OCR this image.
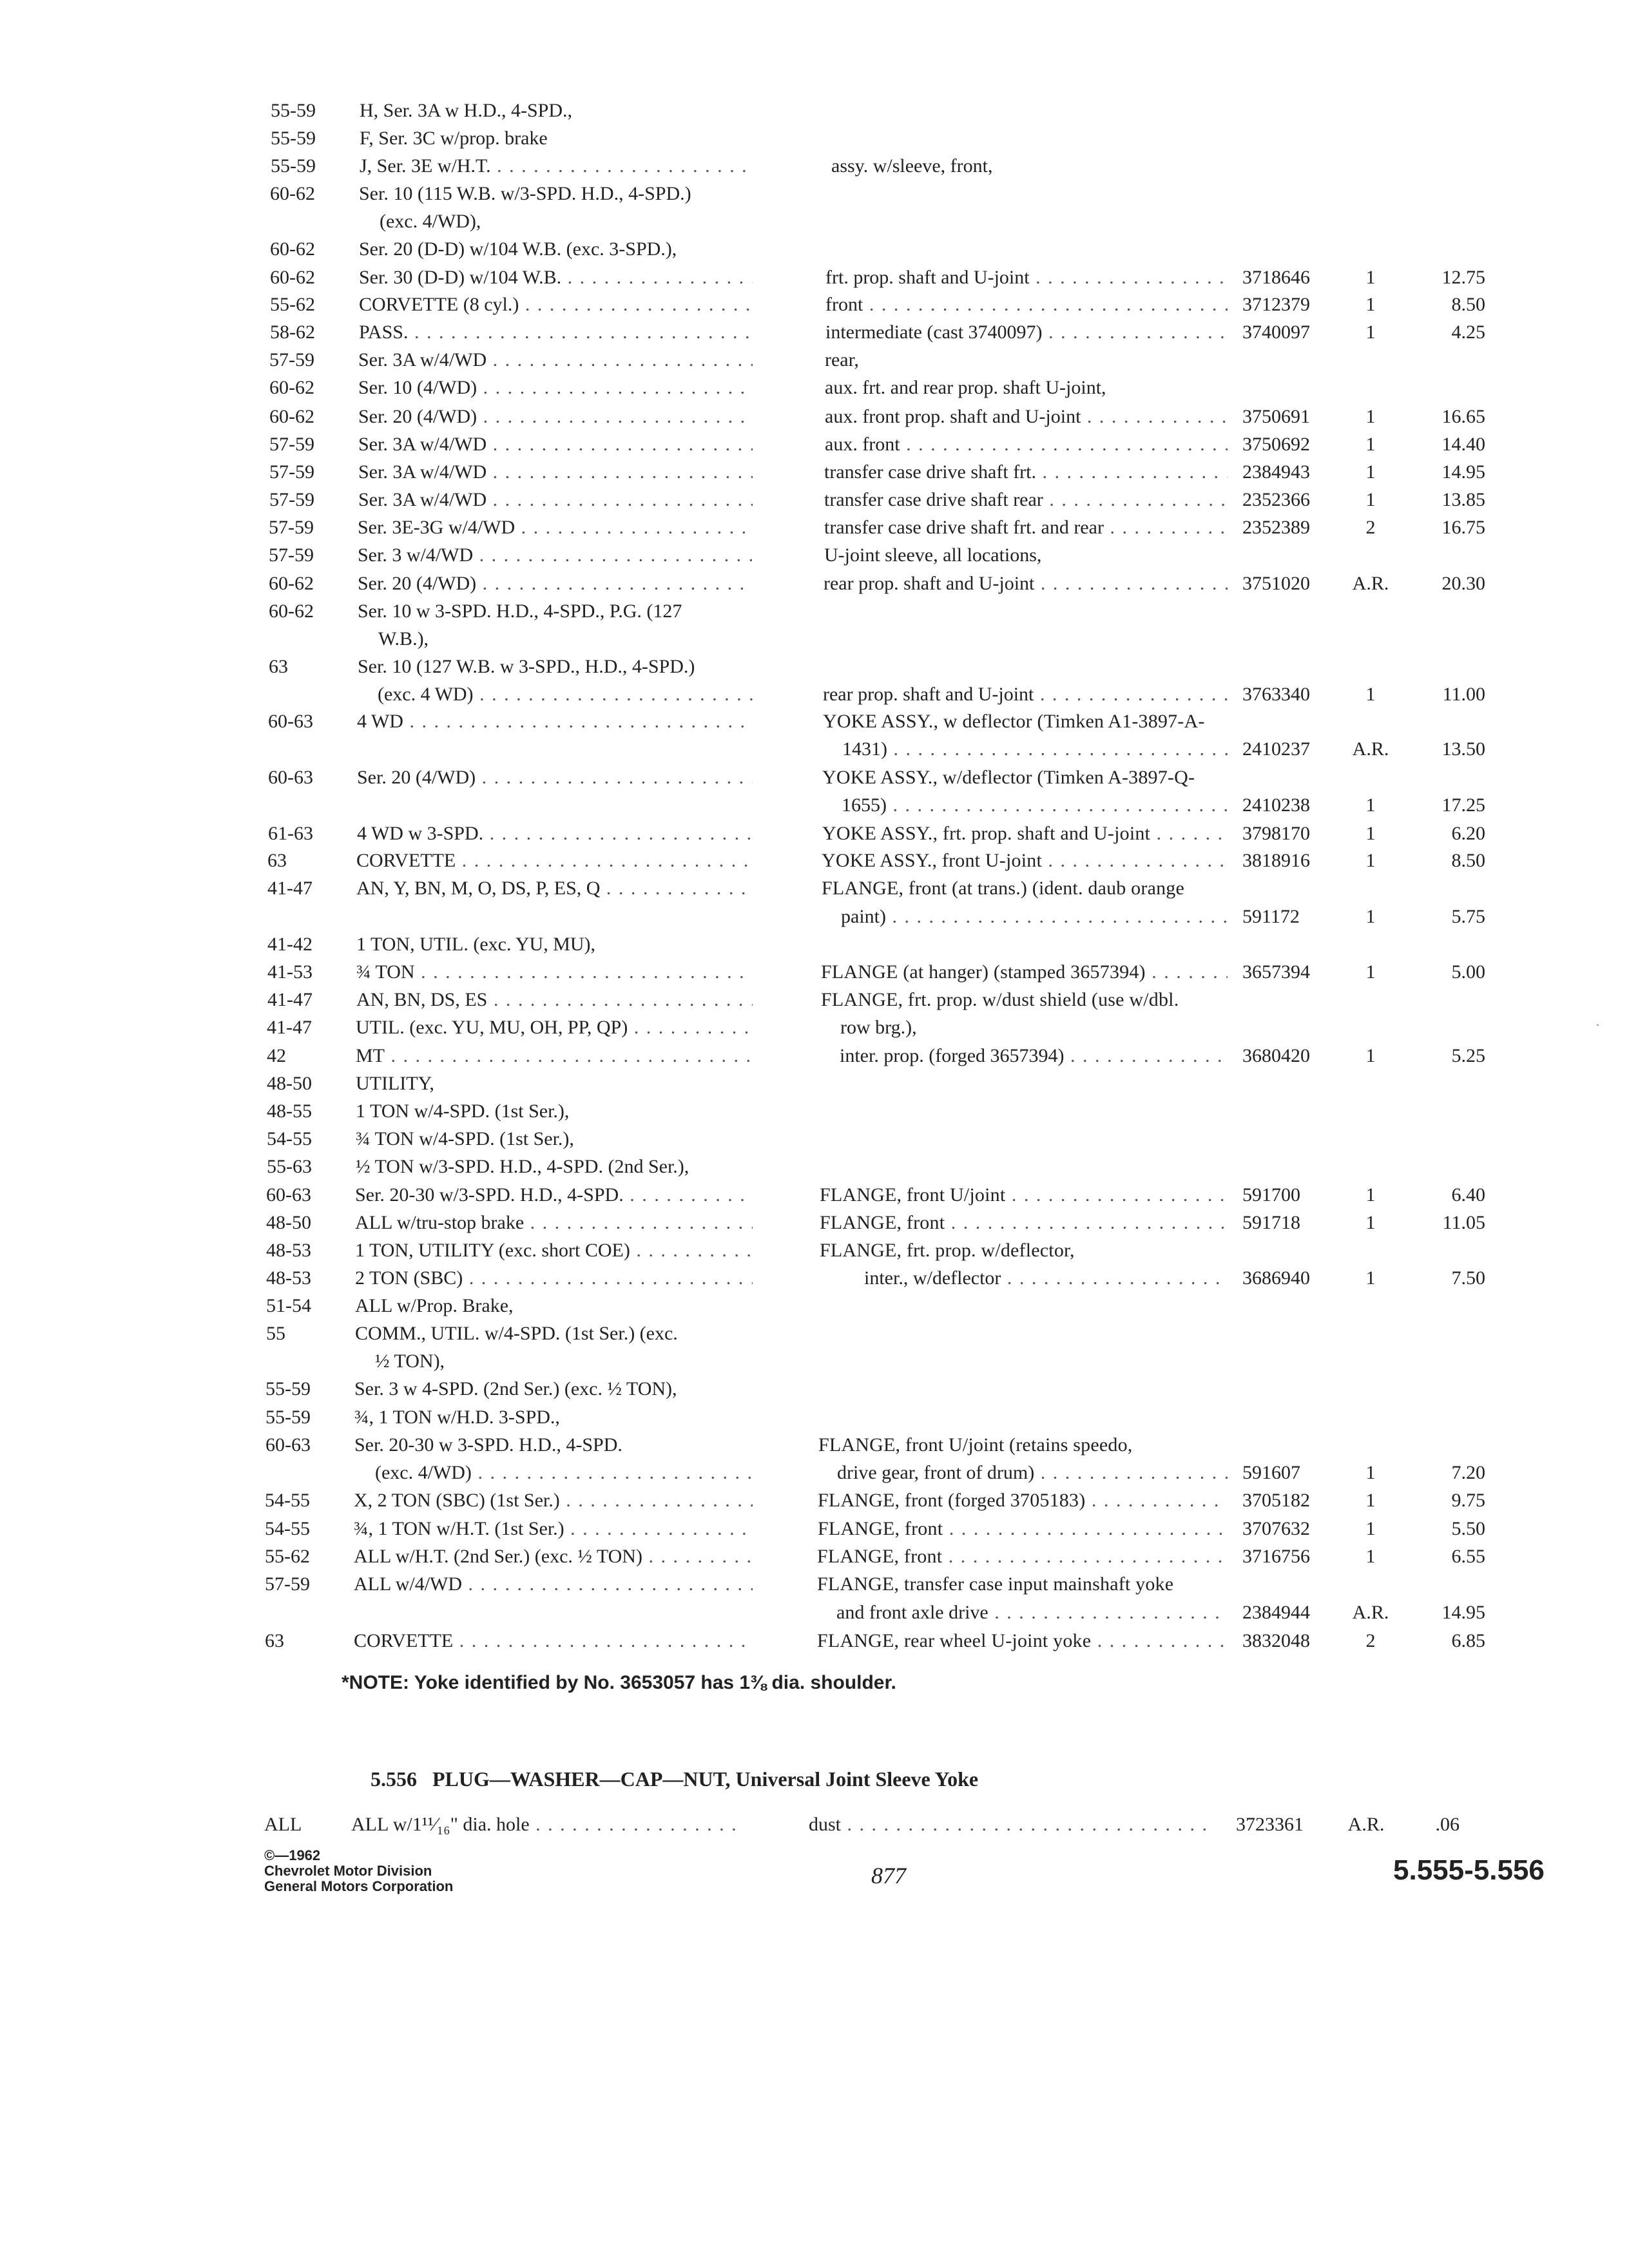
55-59 H, Ser. 3A w H.D., 4-SPD.,
55-59 F, Ser. 3C w/prop. brake
55-59 J, Ser. 3E w/H.T. . . .	assy. w/sleeve, front,
60-62 Ser. 10 (115 W.B. w/3-SPD. H.D., 4-SPD.)
(exc. 4/WD),
60-62 Ser. 20 (D-D) w/104 W.B. (exc. 3-SPD.),
60-62 Ser. 30 (D-D) w/104 W.B. . . .	frt. prop. shaft and U-joint . . .	3718646	1	12.75
55-62 CORVETTE (8 cyl.) . . .	front . . .	3712379	1	8.50
58-62 PASS. . . .	intermediate (cast 3740097) . . .	3740097	1	4.25
57-59 Ser. 3A w/4/WD . . .	rear,
60-62 Ser. 10 (4/WD) . . .	aux. frt. and rear prop. shaft U-joint,
60-62 Ser. 20 (4/WD) . . .	aux. front prop. shaft and U-joint . . .	3750691	1	16.65
57-59 Ser. 3A w/4/WD . . .	aux. front . . .	3750692	1	14.40
57-59 Ser. 3A w/4/WD . . .	transfer case drive shaft frt. . . .	2384943	1	14.95
57-59 Ser. 3A w/4/WD . . .	transfer case drive shaft rear . . .	2352366	1	13.85
57-59 Ser. 3E-3G w/4/WD . . .	transfer case drive shaft frt. and rear . . .	2352389	2	16.75
57-59 Ser. 3 w/4/WD . . .	U-joint sleeve, all locations,
60-62 Ser. 20 (4/WD) . . .	rear prop. shaft and U-joint . . .	3751020	A.R.	20.30
60-62 Ser. 10 w 3-SPD. H.D., 4-SPD., P.G. (127
W.B.),
63	Ser. 10 (127 W.B. w 3-SPD., H.D., 4-SPD.)
(exc. 4 WD) . . .	rear prop. shaft and U-joint . . .	3763340	1	11.00
60-63 4 WD . . .	YOKE ASSY., w deflector (Timken A1-3897-A-
1431) . . .	2410237	A.R.	13.50
60-63 Ser. 20 (4/WD) . . .	YOKE ASSY., w/deflector (Timken A-3897-Q-
1655) . . .	2410238	1	17.25
61-63 4 WD w 3-SPD. . . .	YOKE ASSY., frt. prop. shaft and U-joint . . .	3798170	1	6.20
63	CORVETTE . . .	YOKE ASSY., front U-joint . . .	3818916	1	8.50
41-47 AN, Y, BN, M, O, DS, P, ES, Q . . .	FLANGE, front (at trans.) (ident. daub orange
paint) . . .	591172	1	5.75
41-42 1 TON, UTIL. (exc. YU, MU),
41-53 ¾ TON . . .	FLANGE (at hanger) (stamped 3657394) . . .	3657394	1	5.00
41-47 AN, BN, DS, ES . . .	FLANGE, frt. prop. w/dust shield (use w/dbl.
41-47 UTIL. (exc. YU, MU, OH, PP, QP) . . .	row brg.),
42	MT . . .	inter. prop. (forged 3657394) . . .	3680420	1	5.25
48-50 UTILITY,
48-55 1 TON w/4-SPD. (1st Ser.),
54-55 ¾ TON w/4-SPD. (1st Ser.),
55-63 ½ TON w/3-SPD. H.D., 4-SPD. (2nd Ser.),
60-63 Ser. 20-30 w/3-SPD. H.D., 4-SPD. . . .	FLANGE, front U/joint . . .	591700	1	6.40
48-50 ALL w/tru-stop brake . . .	FLANGE, front . . .	591718	1	11.05
48-53 1 TON, UTILITY (exc. short COE) . . .	FLANGE, frt. prop. w/deflector,
48-53 2 TON (SBC) . . .	inter., w/deflector . . .	3686940	1	7.50
51-54 ALL w/Prop. Brake,
55	COMM., UTIL. w/4-SPD. (1st Ser.) (exc.
½ TON),
55-59 Ser. 3 w 4-SPD. (2nd Ser.) (exc. ½ TON),
55-59 ¾, 1 TON w/H.D. 3-SPD.,
60-63 Ser. 20-30 w 3-SPD. H.D., 4-SPD.	FLANGE, front U/joint (retains speedo,
(exc. 4/WD) . . .	drive gear, front of drum) . . .	591607	1	7.20
54-55 X, 2 TON (SBC) (1st Ser.) . . .	FLANGE, front (forged 3705183) . . .	3705182	1	9.75
54-55 ¾, 1 TON w/H.T. (1st Ser.) . . .	FLANGE, front . . .	3707632	1	5.50
55-62 ALL w/H.T. (2nd Ser.) (exc. ½ TON) . . .	FLANGE, front . . .	3716756	1	6.55
57-59 ALL w/4/WD . . .	FLANGE, transfer case input mainshaft yoke
and front axle drive . . .	2384944	A.R.	14.95
63	CORVETTE . . .	FLANGE, rear wheel U-joint yoke . . .	3832048	2	6.85
*NOTE: Yoke identified by No. 3653057 has 1⅜ dia. shoulder.
5.556 PLUG—WASHER—CAP—NUT, Universal Joint Sleeve Yoke
ALL	ALL w/1¹¹⁄₁₆" dia. hole . . .	dust . . .	3723361	A.R.	.06
©—1962
Chevrolet Motor Division
General Motors Corporation	877	5.555-5.556
